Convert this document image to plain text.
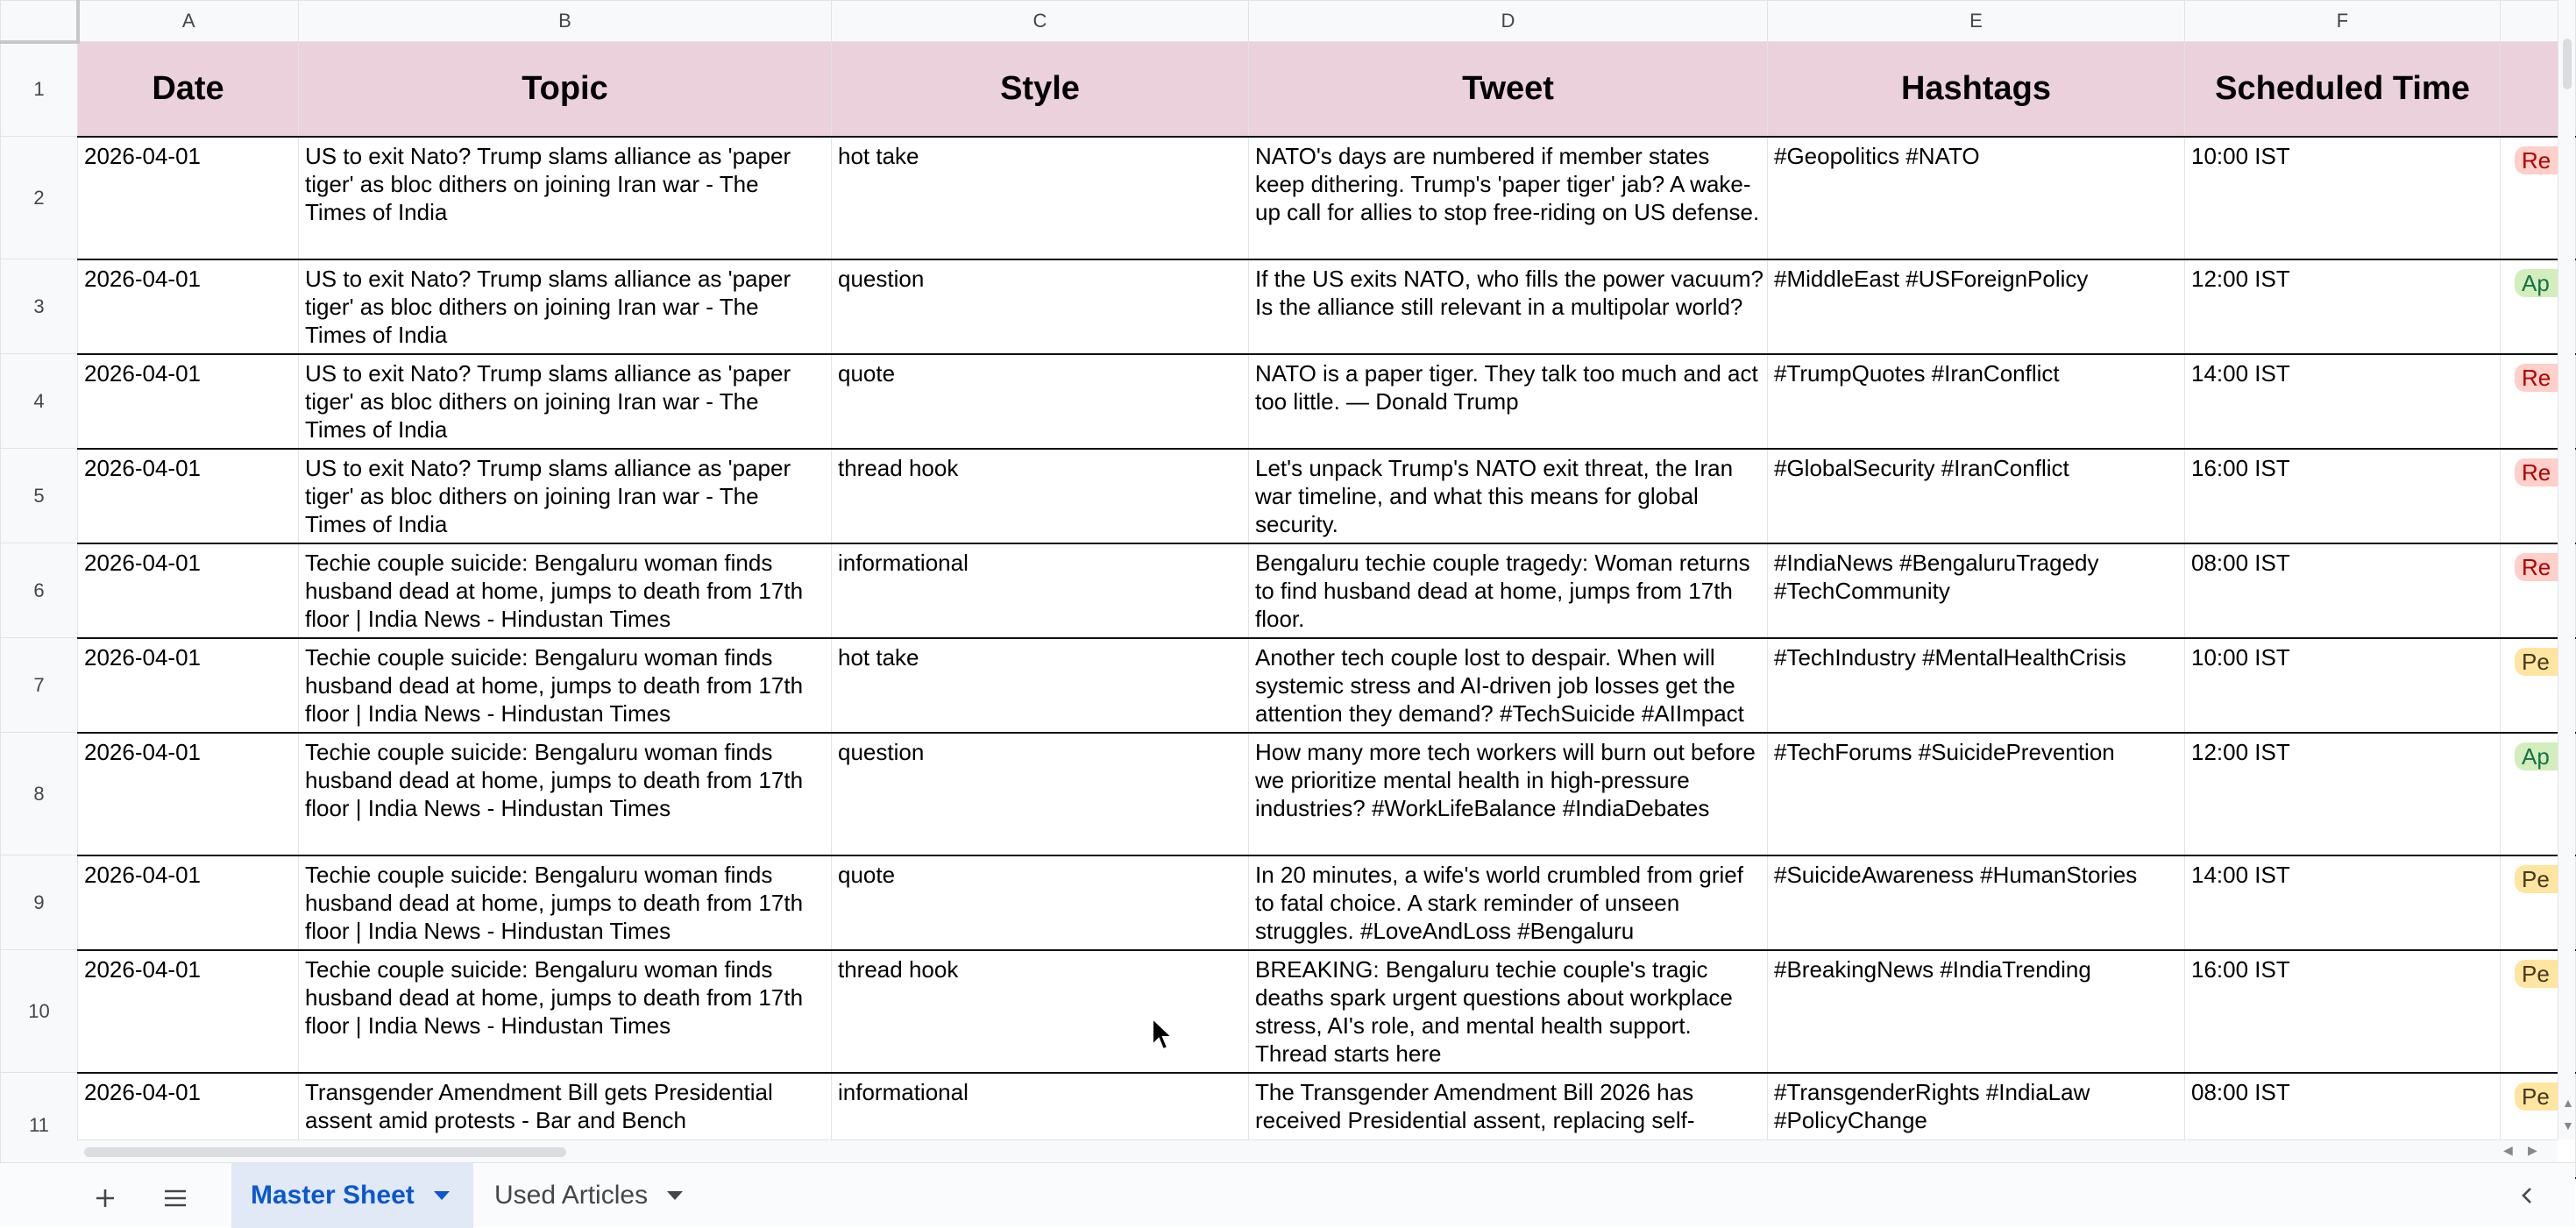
	A	B	C	D	E	F	
1	Date	Topic	Style	Tweet	Hashtags	Scheduled Time	
2	2026-04-01	US to exit Nato? Trump slams alliance as 'paper tiger' as bloc dithers on joining Iran war - The Times of India	hot take	NATO's days are numbered if member states keep dithering. Trump's 'paper tiger' jab? A wake-up call for allies to stop free-riding on US defense.	#Geopolitics #NATO	10:00 IST	Re
3	2026-04-01	US to exit Nato? Trump slams alliance as 'paper tiger' as bloc dithers on joining Iran war - The Times of India	question	If the US exits NATO, who fills the power vacuum? Is the alliance still relevant in a multipolar world?	#MiddleEast #USForeignPolicy	12:00 IST	Ap
4	2026-04-01	US to exit Nato? Trump slams alliance as 'paper tiger' as bloc dithers on joining Iran war - The Times of India	quote	NATO is a paper tiger. They talk too much and act too little. — Donald Trump	#TrumpQuotes #IranConflict	14:00 IST	Re
5	2026-04-01	US to exit Nato? Trump slams alliance as 'paper tiger' as bloc dithers on joining Iran war - The Times of India	thread hook	Let's unpack Trump's NATO exit threat, the Iran war timeline, and what this means for global security.	#GlobalSecurity #IranConflict	16:00 IST	Re
6	2026-04-01	Techie couple suicide: Bengaluru woman finds husband dead at home, jumps to death from 17th floor | India News - Hindustan Times	informational	Bengaluru techie couple tragedy: Woman returns to find husband dead at home, jumps from 17th floor.	#IndiaNews #BengaluruTragedy #TechCommunity	08:00 IST	Re
7	2026-04-01	Techie couple suicide: Bengaluru woman finds husband dead at home, jumps to death from 17th floor | India News - Hindustan Times	hot take	Another tech couple lost to despair. When will systemic stress and AI-driven job losses get the attention they demand? #TechSuicide #AIImpact	#TechIndustry #MentalHealthCrisis	10:00 IST	Pe
8	2026-04-01	Techie couple suicide: Bengaluru woman finds husband dead at home, jumps to death from 17th floor | India News - Hindustan Times	question	How many more tech workers will burn out before we prioritize mental health in high-pressure industries? #WorkLifeBalance #IndiaDebates	#TechForums #SuicidePrevention	12:00 IST	Ap
9	2026-04-01	Techie couple suicide: Bengaluru woman finds husband dead at home, jumps to death from 17th floor | India News - Hindustan Times	quote	In 20 minutes, a wife's world crumbled from grief to fatal choice. A stark reminder of unseen struggles. #LoveAndLoss #Bengaluru	#SuicideAwareness #HumanStories	14:00 IST	Pe
10	2026-04-01	Techie couple suicide: Bengaluru woman finds husband dead at home, jumps to death from 17th floor | India News - Hindustan Times	thread hook	BREAKING: Bengaluru techie couple's tragic deaths spark urgent questions about workplace stress, AI's role, and mental health support. Thread starts here	#BreakingNews #IndiaTrending	16:00 IST	Pe
11	2026-04-01	Transgender Amendment Bill gets Presidential assent amid protests - Bar and Bench	informational	The Transgender Amendment Bill 2026 has received Presidential assent, replacing self-	#TransgenderRights #IndiaLaw #PolicyChange	08:00 IST	Pe ▲
▼
◀ ▶
Master Sheet	Used Articles
